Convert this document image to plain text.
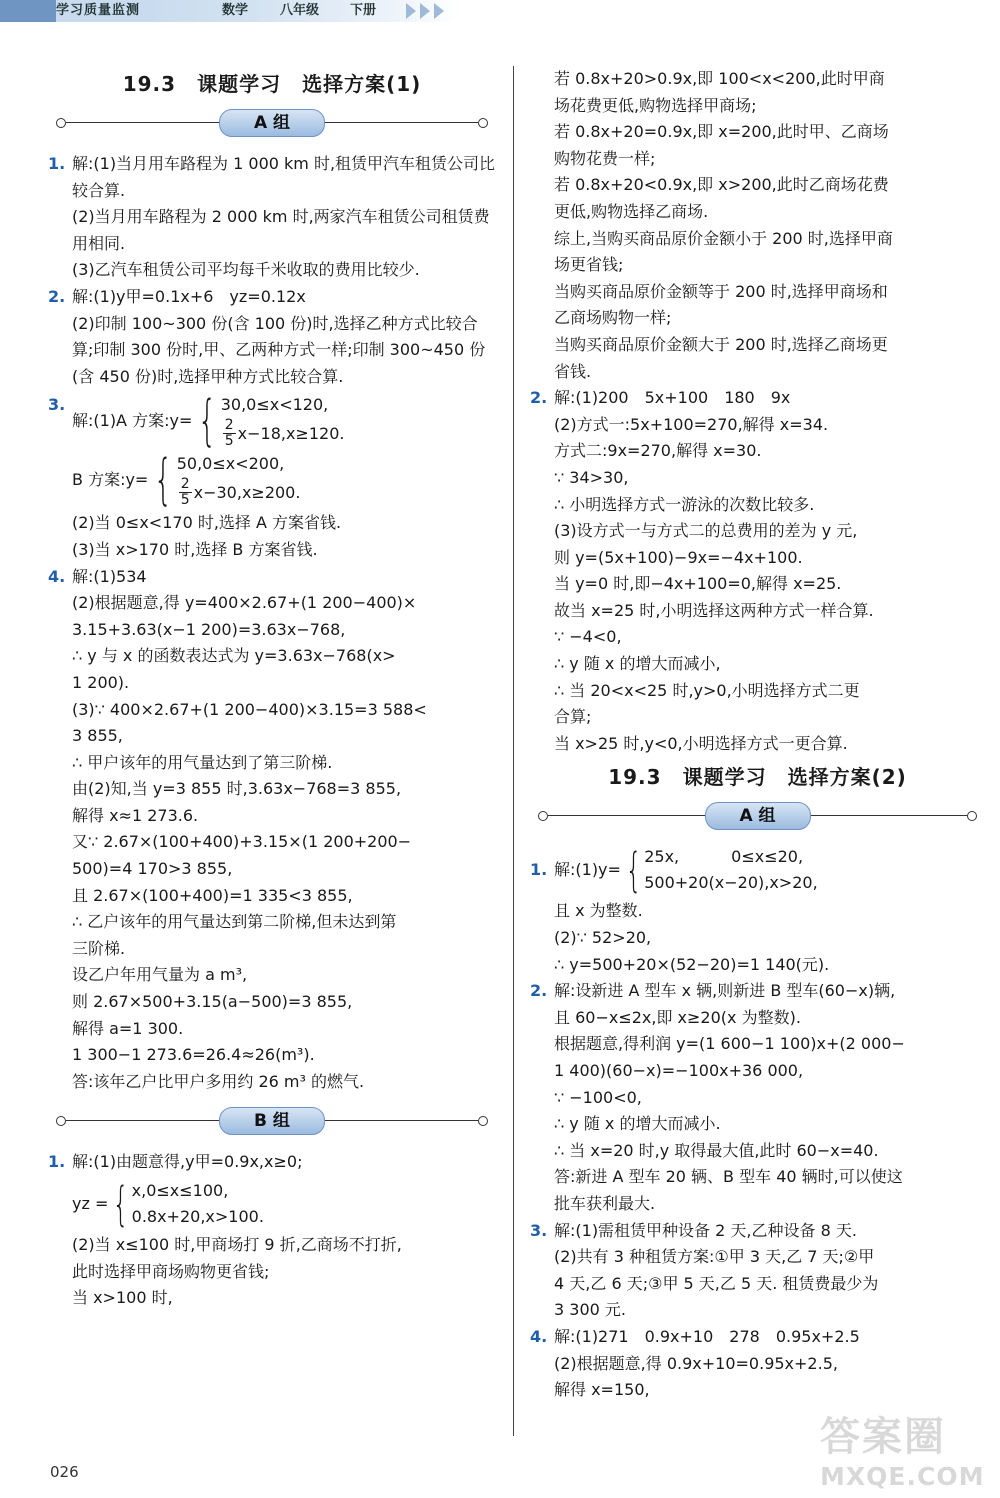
学习质量监测	数学 八年级 下册
19.3　课题学习　选择方案(1)
A 组
1. 解:(1)当月用车路程为 1 000 km 时,租赁甲汽车租赁公司比较合算.
(2)当月用车路程为 2 000 km 时,两家汽车租赁公司租赁费用相同.
(3)乙汽车租赁公司平均每千米收取的费用比较少.
2. 解:(1)y甲=0.1x+6　yz=0.12x
(2)印制 100~300 份(含 100 份)时,选择乙种方式比较合算;印制 300 份时,甲、乙两种方式一样;印制 300~450 份(含 450 份)时,选择甲种方式比较合算.
3.
解:(1)A 方案:y= { 30,0≤x<120,
$\frac{2}{5} x-18,x\ge 120$.
B 方案:y= { 50,0≤x<200,
$\frac{2}{5} x-30,x\ge 200$.
(2)当 0≤x<170 时,选择 A 方案省钱.
(3)当 x>170 时,选择 B 方案省钱.
4. 解:(1)534
(2)根据题意,得 y=400×2.67+(1 200−400)×
3.15+3.63(x−1 200)=3.63x−768,
∴ y 与 x 的函数表达式为 y=3.63x−768(x>
1 200).
(3)∵ 400×2.67+(1 200−400)×3.15=3 588<
3 855,
∴ 甲户该年的用气量达到了第三阶梯.
由(2)知,当 y=3 855 时,3.63x−768=3 855,
解得 x≈1 273.6.
又∵ 2.67×(100+400)+3.15×(1 200+200−
500)=4 170>3 855,
且 2.67×(100+400)=1 335<3 855,
∴ 乙户该年的用气量达到第二阶梯,但未达到第
三阶梯.
设乙户年用气量为 a m³,
则 2.67×500+3.15(a−500)=3 855,
解得 a=1 300.
1 300−1 273.6=26.4≈26(m³).
答:该年乙户比甲户多用约 26 m³ 的燃气.
B 组
1. 解:(1)由题意得,y甲=0.9x,x≥0;
yz = { x,0≤x≤100,
0.8x+20,x>100.
(2)当 x≤100 时,甲商场打 9 折,乙商场不打折,
此时选择甲商场购物更省钱;
当 x>100 时,
若 0.8x+20>0.9x,即 100<x<200,此时甲商
场花费更低,购物选择甲商场;
若 0.8x+20=0.9x,即 x=200,此时甲、乙商场
购物花费一样;
若 0.8x+20<0.9x,即 x>200,此时乙商场花费
更低,购物选择乙商场.
综上,当购买商品原价金额小于 200 时,选择甲商
场更省钱;
当购买商品原价金额等于 200 时,选择甲商场和
乙商场购物一样;
当购买商品原价金额大于 200 时,选择乙商场更
省钱.
2. 解:(1)200　5x+100　180　9x
(2)方式一:5x+100=270,解得 x=34.
方式二:9x=270,解得 x=30.
∵ 34>30,
∴ 小明选择方式一游泳的次数比较多.
(3)设方式一与方式二的总费用的差为 y 元,
则 y=(5x+100)−9x=−4x+100.
当 y=0 时,即−4x+100=0,解得 x=25.
故当 x=25 时,小明选择这两种方式一样合算.
∵ −4<0,
∴ y 随 x 的增大而减小,
∴ 当 20<x<25 时,y>0,小明选择方式二更
合算;
当 x>25 时,y<0,小明选择方式一更合算.
19.3　课题学习　选择方案(2)
A 组
1. 解:(1)y= { 25x,	0≤x≤20,
500+20(x−20),x>20,
且 x 为整数.
(2)∵ 52>20,
∴ y=500+20×(52−20)=1 140(元).
2. 解:设新进 A 型车 x 辆,则新进 B 型车(60−x)辆,
且 60−x≤2x,即 x≥20(x 为整数).
根据题意,得利润 y=(1 600−1 100)x+(2 000−
1 400)(60−x)=−100x+36 000,
∵ −100<0,
∴ y 随 x 的增大而减小.
∴ 当 x=20 时,y 取得最大值,此时 60−x=40.
答:新进 A 型车 20 辆、B 型车 40 辆时,可以使这
批车获利最大.
3. 解:(1)需租赁甲种设备 2 天,乙种设备 8 天.
(2)共有 3 种租赁方案:①甲 3 天,乙 7 天;②甲
4 天,乙 6 天;③甲 5 天,乙 5 天. 租赁费最少为
3 300 元.
4. 解:(1)271　0.9x+10　278　0.95x+2.5
(2)根据题意,得 0.9x+10=0.95x+2.5,
解得 x=150,
026
答案圈
MXQE.COM
